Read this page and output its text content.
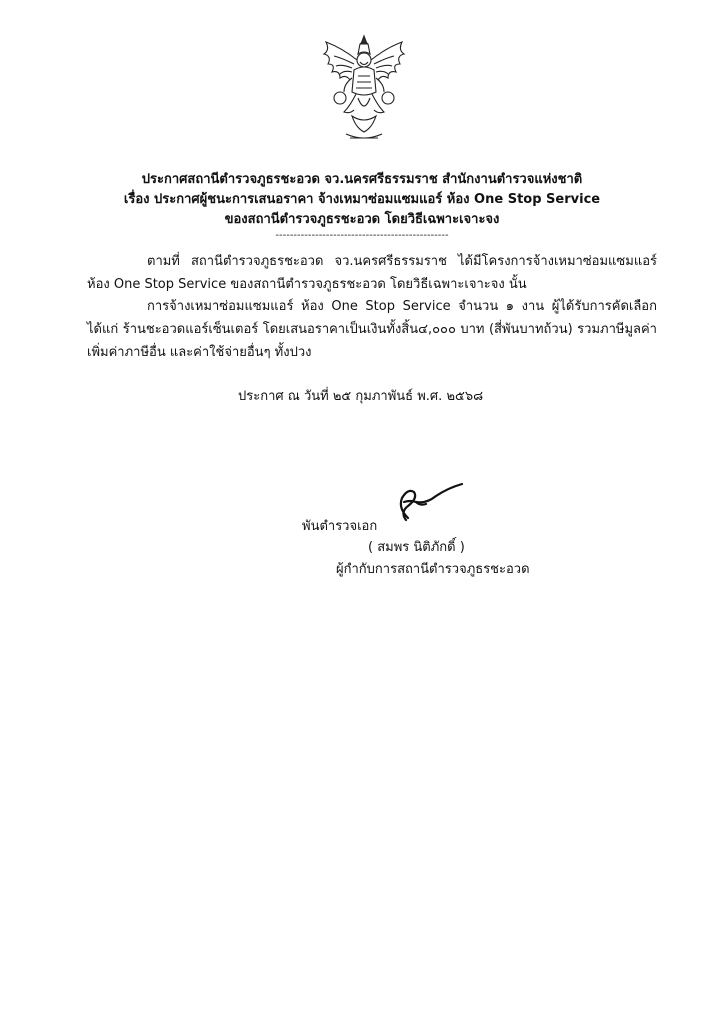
ประกาศสถานีตำรวจภูธรชะอวด จว.นครศรีธรรมราช สำนักงานตำรวจแห่งชาติ
เรื่อง ประกาศผู้ชนะการเสนอราคา จ้างเหมาซ่อมแซมแอร์ ห้อง One Stop Service
ของสถานีตำรวจภูธรชะอวด โดยวิธีเฉพาะเจาะจง
------------------------------------------------
ตามที่ สถานีตำรวจภูธรชะอวด จว.นครศรีธรรมราช ได้มีโครงการจ้างเหมาซ่อมแซมแอร์ ห้อง One Stop Service ของสถานีตำรวจภูธรชะอวด โดยวิธีเฉพาะเจาะจง นั้น
การจ้างเหมาซ่อมแซมแอร์ ห้อง One Stop Service จำนวน ๑ งาน ผู้ได้รับการคัดเลือก ได้แก่ ร้านชะอวดแอร์เซ็นเตอร์ โดยเสนอราคาเป็นเงินทั้งสิ้น๔,๐๐๐ บาท (สี่พันบาทถ้วน) รวมภาษีมูลค่าเพิ่มค่าภาษีอื่น และค่าใช้จ่ายอื่นๆ ทั้งปวง
ประกาศ ณ วันที่ ๒๕ กุมภาพันธ์ พ.ศ. ๒๕๖๘
พันตำรวจเอก
( สมพร นิติภักดิ์ )
ผู้กำกับการสถานีตำรวจภูธรชะอวด
